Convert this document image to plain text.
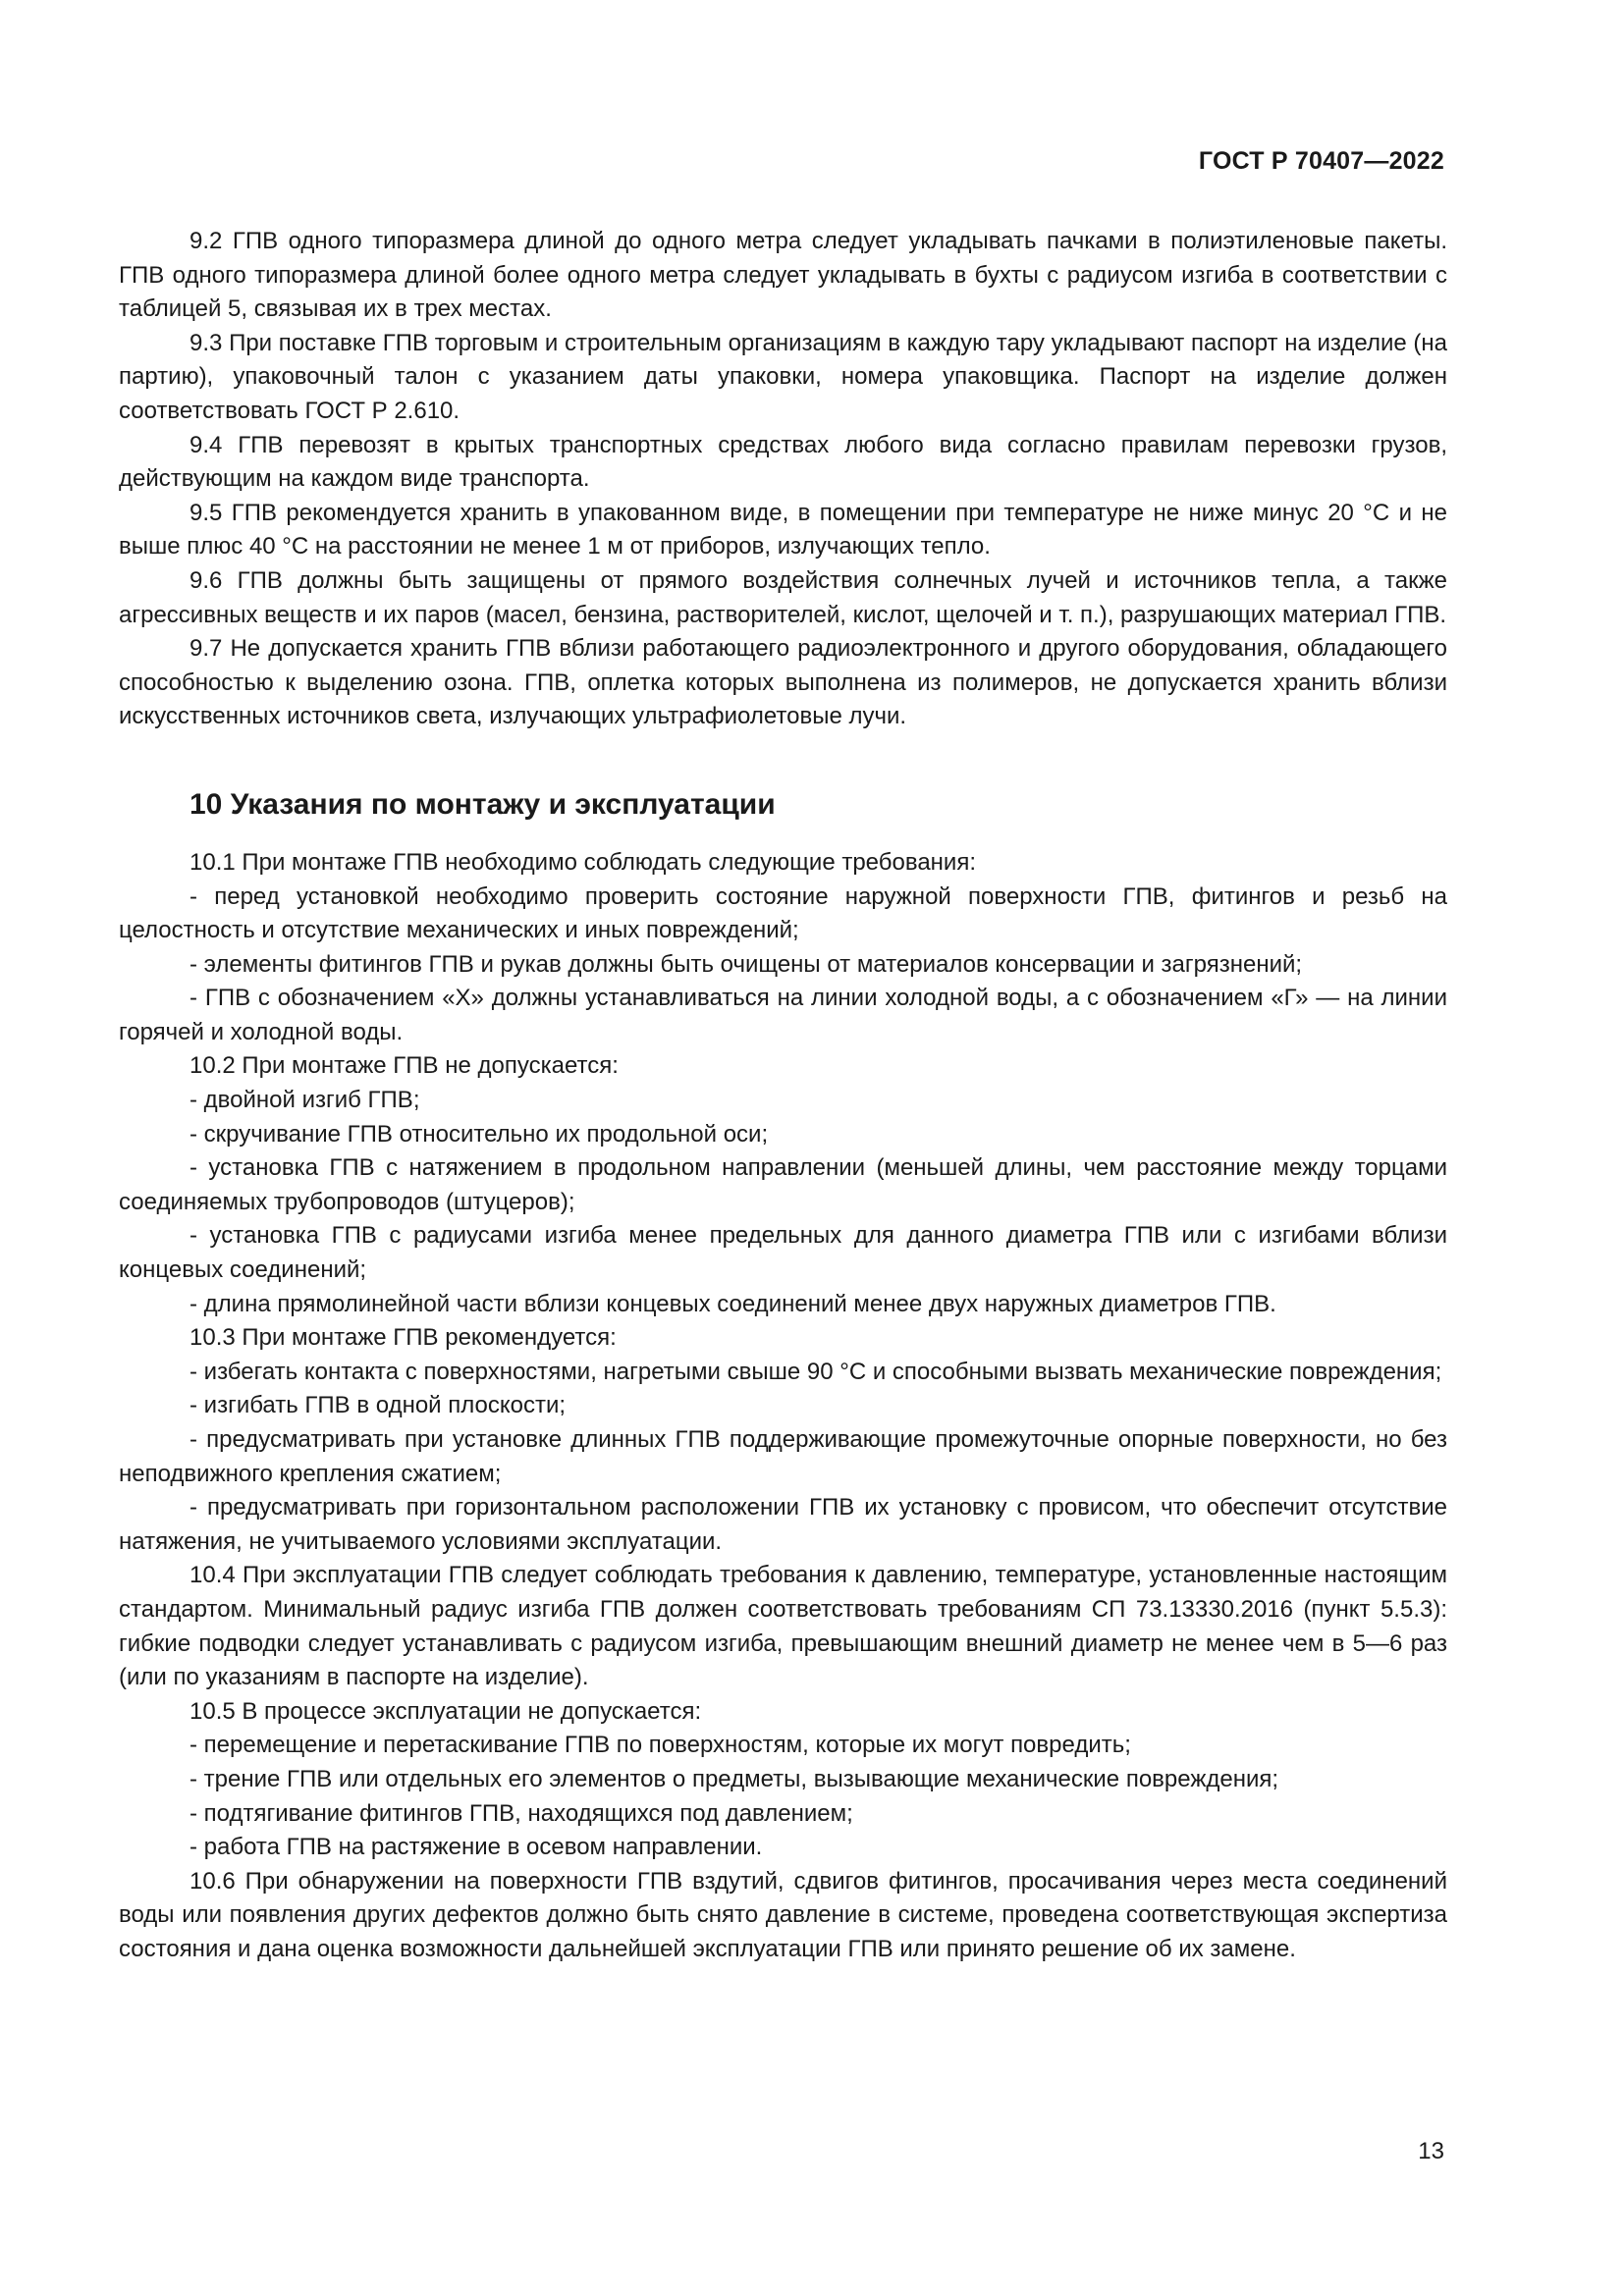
ГОСТ Р 70407—2022

9.2 ГПВ одного типоразмера длиной до одного метра следует укладывать пачками в полиэтиленовые пакеты. ГПВ одного типоразмера длиной более одного метра следует укладывать в бухты с радиусом изгиба в соответствии с таблицей 5, связывая их в трех местах.

9.3 При поставке ГПВ торговым и строительным организациям в каждую тару укладывают паспорт на изделие (на партию), упаковочный талон с указанием даты упаковки, номера упаковщика. Паспорт на изделие должен соответствовать ГОСТ Р 2.610.

9.4 ГПВ перевозят в крытых транспортных средствах любого вида согласно правилам перевозки грузов, действующим на каждом виде транспорта.

9.5 ГПВ рекомендуется хранить в упакованном виде, в помещении при температуре не ниже минус 20 °С и не выше плюс 40 °С на расстоянии не менее 1 м от приборов, излучающих тепло.

9.6 ГПВ должны быть защищены от прямого воздействия солнечных лучей и источников тепла, а также агрессивных веществ и их паров (масел, бензина, растворителей, кислот, щелочей и т. п.), разрушающих материал ГПВ.

9.7 Не допускается хранить ГПВ вблизи работающего радиоэлектронного и другого оборудования, обладающего способностью к выделению озона. ГПВ, оплетка которых выполнена из полимеров, не допускается хранить вблизи искусственных источников света, излучающих ультрафиолетовые лучи.

10 Указания по монтажу и эксплуатации

10.1 При монтаже ГПВ необходимо соблюдать следующие требования:

- перед установкой необходимо проверить состояние наружной поверхности ГПВ, фитингов и резьб на целостность и отсутствие механических и иных повреждений;

- элементы фитингов ГПВ и рукав должны быть очищены от материалов консервации и загрязнений;

- ГПВ с обозначением «Х» должны устанавливаться на линии холодной воды, а с обозначением «Г» — на линии горячей и холодной воды.

10.2 При монтаже ГПВ не допускается:

- двойной изгиб ГПВ;

- скручивание ГПВ относительно их продольной оси;

- установка ГПВ с натяжением в продольном направлении (меньшей длины, чем расстояние между торцами соединяемых трубопроводов (штуцеров);

- установка ГПВ с радиусами изгиба менее предельных для данного диаметра ГПВ или с изгибами вблизи концевых соединений;

- длина прямолинейной части вблизи концевых соединений менее двух наружных диаметров ГПВ.

10.3 При монтаже ГПВ рекомендуется:

- избегать контакта с поверхностями, нагретыми свыше 90 °С и способными вызвать механические повреждения;

- изгибать ГПВ в одной плоскости;

- предусматривать при установке длинных ГПВ поддерживающие промежуточные опорные поверхности, но без неподвижного крепления сжатием;

- предусматривать при горизонтальном расположении ГПВ их установку с провисом, что обеспечит отсутствие натяжения, не учитываемого условиями эксплуатации.

10.4 При эксплуатации ГПВ следует соблюдать требования к давлению, температуре, установленные настоящим стандартом. Минимальный радиус изгиба ГПВ должен соответствовать требованиям СП 73.13330.2016 (пункт 5.5.3): гибкие подводки следует устанавливать с радиусом изгиба, превышающим внешний диаметр не менее чем в 5—6 раз (или по указаниям в паспорте на изделие).

10.5 В процессе эксплуатации не допускается:

- перемещение и перетаскивание ГПВ по поверхностям, которые их могут повредить;

- трение ГПВ или отдельных его элементов о предметы, вызывающие механические повреждения;

- подтягивание фитингов ГПВ, находящихся под давлением;

- работа ГПВ на растяжение в осевом направлении.

10.6 При обнаружении на поверхности ГПВ вздутий, сдвигов фитингов, просачивания через места соединений воды или появления других дефектов должно быть снято давление в системе, проведена соответствующая экспертиза состояния и дана оценка возможности дальнейшей эксплуатации ГПВ или принято решение об их замене.

13
